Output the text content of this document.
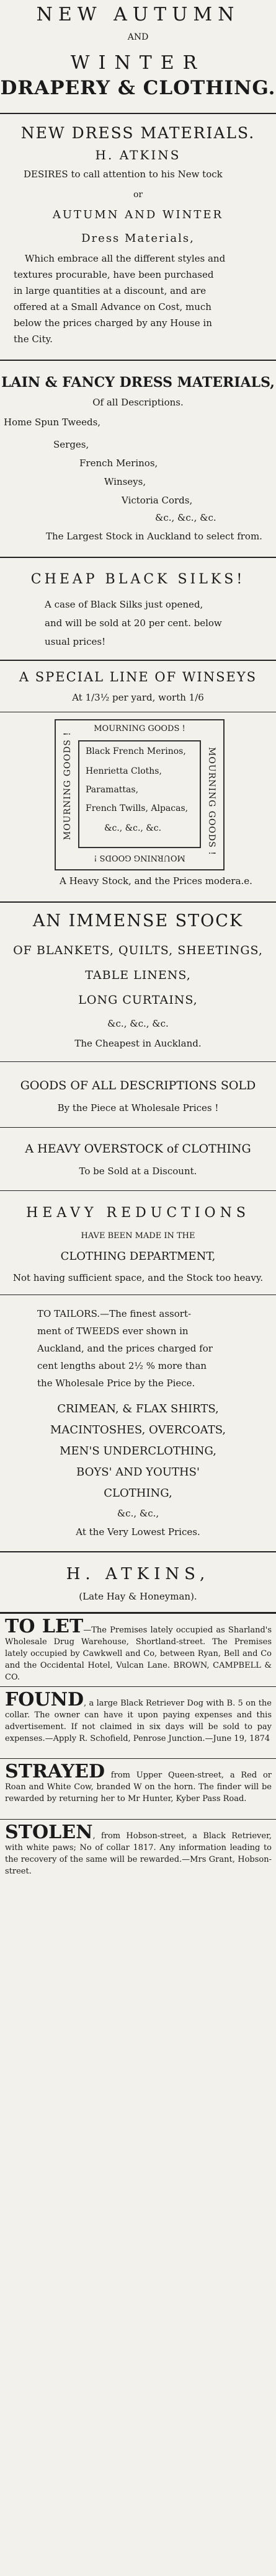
NEW AUTUMN
AND
WINTER
DRAPERY & CLOTHING.
NEW DRESS MATERIALS.
H. ATKINS
DESIRES to call attention to his New tock
or
AUTUMN AND WINTER
Dress Materials,
Which embrace all the different styles and
textures procurable, have been purchased
in large quantities at a discount, and are
offered at a Small Advance on Cost, much
below the prices charged by any House in
the City.
LAIN & FANCY DRESS MATERIALS,
Of all Descriptions.
Home Spun Tweeds,
Serges,
French Merinos,
Winseys,
Victoria Cords,
&c., &c., &c.
The Largest Stock in Auckland to select from.
CHEAP BLACK SILKS!
A case of Black Silks just opened,
and will be sold at 20 per cent. below
usual prices!
A SPECIAL LINE OF WINSEYS
At 1/3½ per yard, worth 1/6
MOURNING GOODS !
Black French Merinos,
Henrietta Cloths,
Paramattas,
French Twills, Alpacas,
&c., &c., &c.
MOURNING GOODS !	MOURNING GOODS !
MOURNING GOODS !
A Heavy Stock, and the Prices modera.e.
AN IMMENSE STOCK
OF BLANKETS, QUILTS, SHEETINGS,
TABLE LINENS,
LONG CURTAINS,
&c., &c., &c.
The Cheapest in Auckland.
GOODS OF ALL DESCRIPTIONS SOLD
By the Piece at Wholesale Prices !
A HEAVY OVERSTOCK of CLOTHING
To be Sold at a Discount.
HEAVY REDUCTIONS
HAVE BEEN MADE IN THE
CLOTHING DEPARTMENT,
Not having sufficient space, and the Stock too heavy.
TO TAILORS.—The finest assort-
ment of TWEEDS ever shown in
Auckland, and the prices charged for
cent lengths about 2½ % more than
the Wholesale Price by the Piece.
CRIMEAN, & FLAX SHIRTS,
MACINTOSHES, OVERCOATS,
MEN'S UNDERCLOTHING,
BOYS' AND YOUTHS'
CLOTHING,
&c., &c.,
At the Very Lowest Prices.
H. ATKINS,
(Late Hay & Honeyman).
TO LET—The Premises lately occupied as Sharland's Wholesale Drug Warehouse, Shortland-street. The Premises lately occupied by Cawkwell and Co, between Ryan, Bell and Co and the Occidental Hotel, Vulcan Lane. BROWN, CAMPBELL & CO.
FOUND, a large Black Retriever Dog with B. 5 on the collar. The owner can have it upon paying expenses and this advertisement. If not claimed in six days will be sold to pay expenses.—Apply R. Schofield, Penrose Junction.—June 19, 1874
STRAYED from Upper Queen-street, a Red or Roan and White Cow, branded W on the horn. The finder will be rewarded by returning her to Mr Hunter, Kyber Pass Road.
STOLEN, from Hobson-street, a Black Retriever, with white paws; No of collar 1817. Any information leading to the recovery of the same will be rewarded.—Mrs Grant, Hobson-street.
